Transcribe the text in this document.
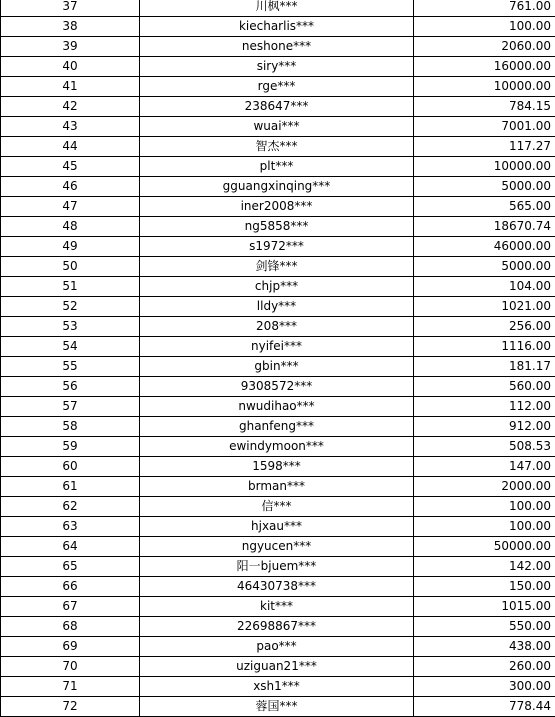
37	川枫***	761.00
38	kiecharlis***	100.00
39	neshone***	2060.00
40	siry***	16000.00
41	rge***	10000.00
42	238647***	784.15
43	wuai***	7001.00
44	智杰***	117.27
45	plt***	10000.00
46	gguangxinqing***	5000.00
47	iner2008***	565.00
48	ng5858***	18670.74
49	s1972***	46000.00
50	剑锋***	5000.00
51	chjp***	104.00
52	lldy***	1021.00
53	208***	256.00
54	nyifei***	1116.00
55	gbin***	181.17
56	9308572***	560.00
57	nwudihao***	112.00
58	ghanfeng***	912.00
59	ewindymoon***	508.53
60	1598***	147.00
61	brman***	2000.00
62	信***	100.00
63	hjxau***	100.00
64	ngyucen***	50000.00
65	阳一bjuem***	142.00
66	46430738***	150.00
67	kit***	1015.00
68	22698867***	550.00
69	pao***	438.00
70	uziguan21***	260.00
71	xsh1***	300.00
72	蓉国***	778.44
